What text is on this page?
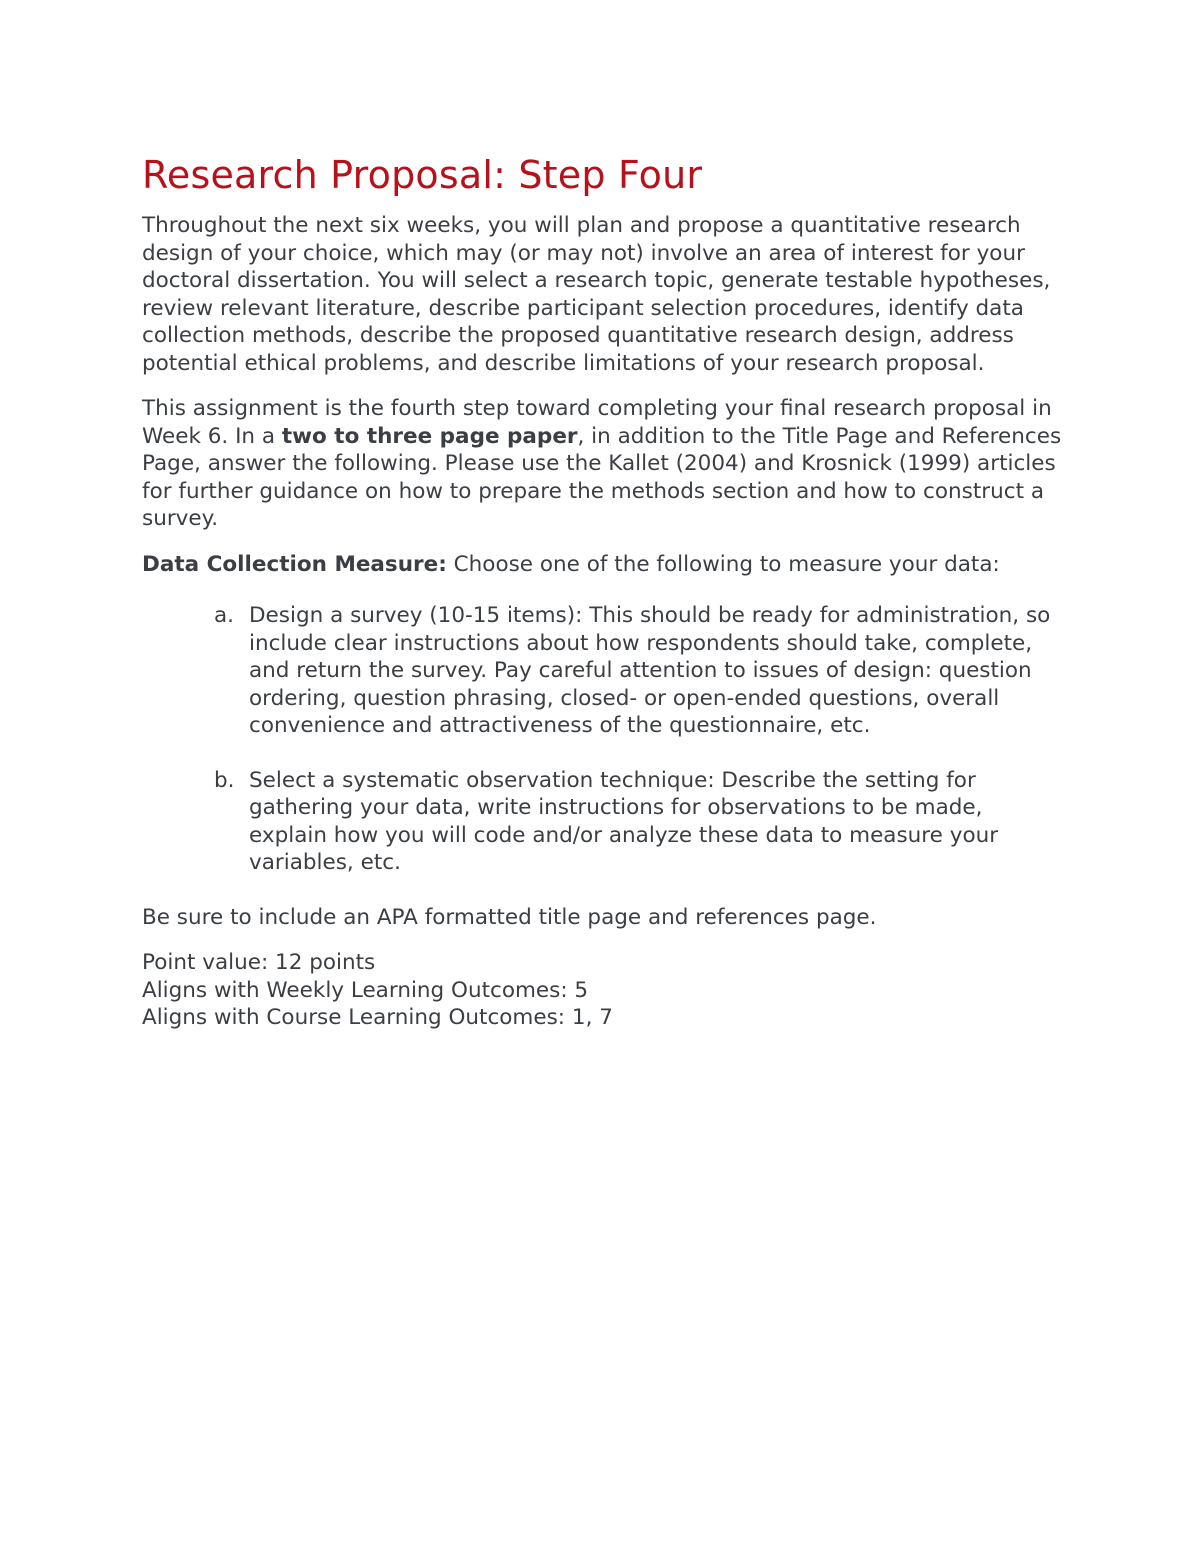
Research Proposal: Step Four

Throughout the next six weeks, you will plan and propose a quantitative research design of your choice, which may (or may not) involve an area of interest for your doctoral dissertation. You will select a research topic, generate testable hypotheses, review relevant literature, describe participant selection procedures, identify data collection methods, describe the proposed quantitative research design, address potential ethical problems, and describe limitations of your research proposal.

This assignment is the fourth step toward completing your final research proposal in Week 6. In a two to three page paper, in addition to the Title Page and References Page, answer the following. Please use the Kallet (2004) and Krosnick (1999) articles for further guidance on how to prepare the methods section and how to construct a survey.

Data Collection Measure: Choose one of the following to measure your data:

a. Design a survey (10-15 items): This should be ready for administration, so include clear instructions about how respondents should take, complete, and return the survey. Pay careful attention to issues of design: question ordering, question phrasing, closed- or open-ended questions, overall convenience and attractiveness of the questionnaire, etc.
b. Select a systematic observation technique: Describe the setting for gathering your data, write instructions for observations to be made, explain how you will code and/or analyze these data to measure your variables, etc.

Be sure to include an APA formatted title page and references page.

Point value: 12 points

Aligns with Weekly Learning Outcomes: 5

Aligns with Course Learning Outcomes: 1, 7
